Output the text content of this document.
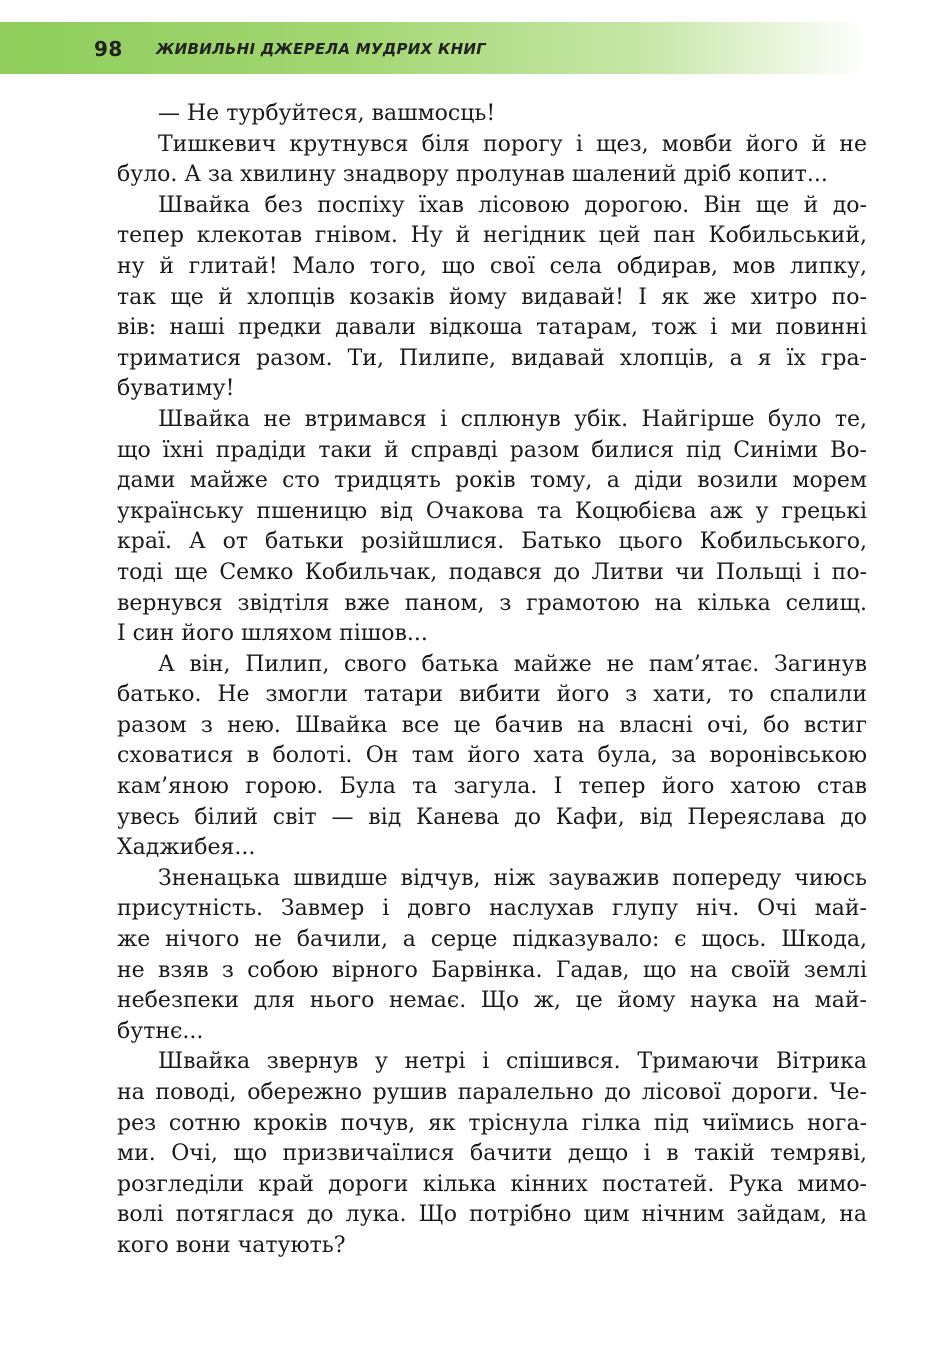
98 ЖИВИЛЬНІ ДЖЕРЕЛА МУДРИХ КНИГ
— Не турбуйтеся, вашмосць!
Тишкевич крутнувся біля порогу і щез, мовби його й не
було. А за хвилину знадвору пролунав шалений дріб копит...
Швайка без поспіху їхав лісовою дорогою. Він ще й до-
тепер клекотав гнівом. Ну й негідник цей пан Кобильський,
ну й глитай! Мало того, що свої села обдирав, мов липку,
так ще й хлопців козаків йому видавай! І як же хитро по-
вів: наші предки давали відкоша татарам, тож і ми повинні
триматися разом. Ти, Пилипе, видавай хлопців, а я їх гра-
буватиму!
Швайка не втримався і сплюнув убік. Найгірше було те,
що їхні прадіди таки й справді разом билися під Синіми Во-
дами майже сто тридцять років тому, а діди возили морем
українську пшеницю від Очакова та Коцюбієва аж у грецькі
краї. А от батьки розійшлися. Батько цього Кобильського,
тоді ще Семко Кобильчак, подався до Литви чи Польщі і по-
вернувся звідтіля вже паном, з грамотою на кілька селищ.
І син його шляхом пішов...
А він, Пилип, свого батька майже не пам’ятає. Загинув
батько. Не змогли татари вибити його з хати, то спалили
разом з нею. Швайка все це бачив на власні очі, бо встиг
сховатися в болоті. Он там його хата була, за воронівською
кам’яною горою. Була та загула. І тепер його хатою став
увесь білий світ — від Канева до Кафи, від Переяслава до
Хаджибея...
Зненацька швидше відчув, ніж зауважив попереду чиюсь
присутність. Завмер і довго наслухав глупу ніч. Очі май-
же нічого не бачили, а серце підказувало: є щось. Шкода,
не взяв з собою вірного Барвінка. Гадав, що на своїй землі
небезпеки для нього немає. Що ж, це йому наука на май-
бутнє...
Швайка звернув у нетрі і спішився. Тримаючи Вітрика
на поводі, обережно рушив паралельно до лісової дороги. Че-
рез сотню кроків почув, як тріснула гілка під чиїмись нога-
ми. Очі, що призвичаїлися бачити дещо і в такій темряві,
розгледіли край дороги кілька кінних постатей. Рука мимо-
волі потяглася до лука. Що потрібно цим нічним зайдам, на
кого вони чатують?
